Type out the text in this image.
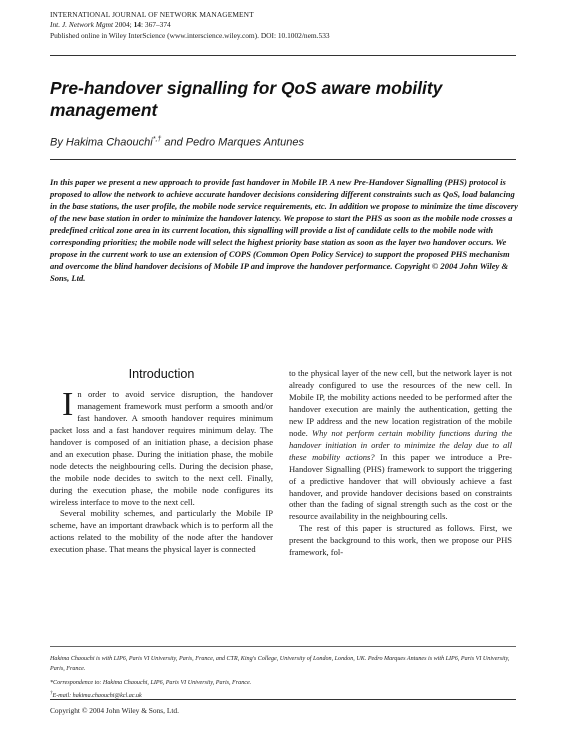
INTERNATIONAL JOURNAL OF NETWORK MANAGEMENT
Int. J. Network Mgmt 2004; 14: 367–374
Published online in Wiley InterScience (www.interscience.wiley.com). DOI: 10.1002/nem.533
Pre-handover signalling for QoS aware mobility management
By Hakima Chaouchi*,† and Pedro Marques Antunes
In this paper we present a new approach to provide fast handover in Mobile IP. A new Pre-Handover Signalling (PHS) protocol is proposed to allow the network to achieve accurate handover decisions considering different constraints such as QoS, load balancing in the base stations, the user profile, the mobile node service requirements, etc. In addition we propose to minimize the time discovery of the new base station in order to minimize the handover latency. We propose to start the PHS as soon as the mobile node crosses a predefined critical zone area in its current location, this signalling will provide a list of candidate cells to the mobile node with corresponding priorities; the mobile node will select the highest priority base station as soon as the layer two handover occurs. We propose in the current work to use an extension of COPS (Common Open Policy Service) to support the proposed PHS mechanism and overcome the blind handover decisions of Mobile IP and improve the handover performance. Copyright © 2004 John Wiley & Sons, Ltd.
Introduction

In order to avoid service disruption, the handover management framework must perform a smooth and/or fast handover. A smooth handover requires minimum packet loss and a fast handover requires minimum delay. The handover is composed of an initiation phase, a decision phase and an execution phase. During the initiation phase, the mobile node detects the neighbouring cells. During the decision phase, the mobile node decides to switch to the next cell. Finally, during the execution phase, the mobile node configures its wireless interface to move to the next cell.

Several mobility schemes, and particularly the Mobile IP scheme, have an important drawback which is to perform all the actions related to the mobility of the node after the handover execution phase. That means the physical layer is connected

to the physical layer of the new cell, but the network layer is not already configured to use the resources of the new cell. In Mobile IP, the mobility actions needed to be performed after the handover execution are mainly the authentication, getting the new IP address and the new location registration of the mobile node. Why not perform certain mobility functions during the handover initiation in order to minimize the delay due to all these mobility actions? In this paper we introduce a Pre-Handover Signalling (PHS) framework to support the triggering of a predictive handover that will obviously achieve a fast handover, and provide handover decisions based on constraints other than the fading of signal strength such as the cost or the resource availability in the neighbouring cells.

The rest of this paper is structured as follows. First, we present the background to this work, then we propose our PHS framework, fol-

Hakima Chaouchi is with LIP6, Paris VI University, Paris, France, and CTR, King's College, University of London, London, UK. Pedro Marques Antunes is with LIP6, Paris VI University, Paris, France.

*Correspondence to: Hakima Chaouchi, LIP6, Paris VI University, Paris, France.
†E-mail: hakima.chaouchi@kcl.ac.uk
Copyright © 2004 John Wiley & Sons, Ltd.
